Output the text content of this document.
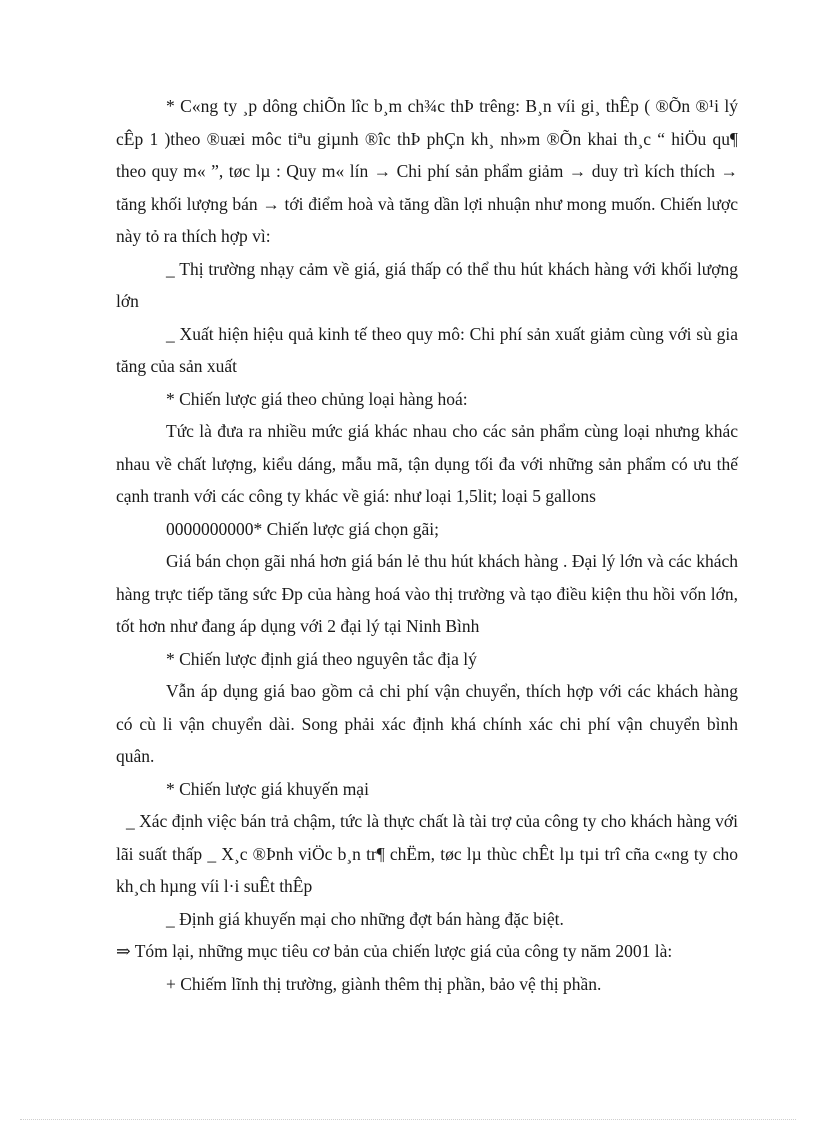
* C«ng ty ¸p dông chiÕn lîc b¸m ch¾c thÞ trêng: B¸n víi gi¸ thÊp ( ®Õn ®¹i lý cÊp 1 )theo ®uæi môc tiªu giµnh ®îc thÞ phÇn kh¸ nh»m ®Õn khai th¸c “ hiÖu qu¶ theo quy m« ”, tøc lµ : Quy m« lín → Chi phí sản phẩm giảm → duy trì kích thích → tăng khối lượng bán → tới điểm hoà và tăng dần lợi nhuận như mong muốn. Chiến lược này tỏ ra thích hợp vì:

_ Thị trường nhạy cảm về giá, giá thấp có thể thu hút khách hàng với khối lượng lớn

_ Xuất hiện hiệu quả kinh tế theo quy mô: Chi phí sản xuất giảm cùng với sù gia tăng của sản xuất

* Chiến lược giá theo chủng loại hàng hoá:

Tức là đưa ra nhiều mức giá khác nhau cho các sản phẩm cùng loại nhưng khác nhau về chất lượng, kiểu dáng, mẫu mã, tận dụng tối đa với những sản phẩm có ưu thế cạnh tranh với các công ty khác về giá: như loại 1,5lit; loại 5 gallons

0000000000* Chiến lược giá chọn gãi;

Giá bán chọn gãi nhá hơn giá bán lẻ thu hút khách hàng . Đại lý lớn và các khách hàng trực tiếp tăng sức Ðp của hàng hoá vào thị trường và tạo điều kiện thu hồi vốn lớn, tốt hơn như đang áp dụng với 2 đại lý tại Ninh Bình

* Chiến lược định giá theo nguyên tắc địa lý

Vẫn áp dụng giá bao gồm cả chi phí vận chuyển, thích hợp với các khách hàng có cù li vận chuyển dài. Song phải xác định khá chính xác chi phí vận chuyển bình quân.

* Chiến lược giá khuyến mại

_ Xác định việc bán trả chậm, tức là thực chất là tài trợ của công ty cho khách hàng với lãi suất thấp _ X¸c ®Þnh viÖc b¸n tr¶ chËm, tøc lµ thùc chÊt lµ tµi trî cña c«ng ty cho kh¸ch hµng víi l·i suÊt thÊp

_ Định giá khuyến mại cho những đợt bán hàng đặc biệt.

⇒ Tóm lại, những mục tiêu cơ bản của chiến lược giá của công ty năm 2001 là:

+ Chiếm lĩnh thị trường, giành thêm thị phần, bảo vệ thị phần.
